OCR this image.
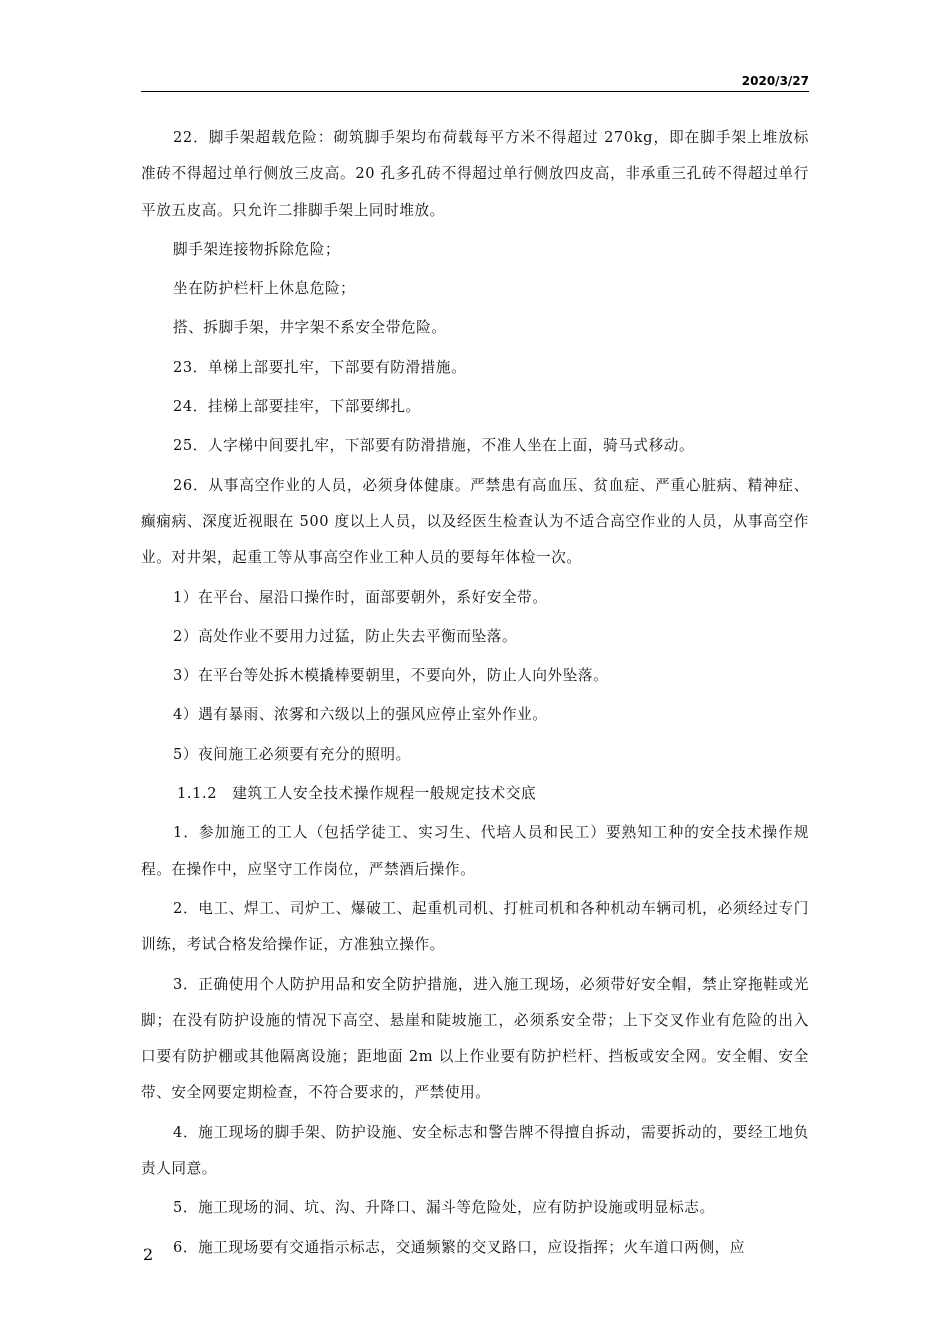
2020/3/27

22．脚手架超载危险：砌筑脚手架均布荷载每平方米不得超过 270kg，即在脚手架上堆放标准砖不得超过单行侧放三皮高。20 孔多孔砖不得超过单行侧放四皮高，非承重三孔砖不得超过单行平放五皮高。只允许二排脚手架上同时堆放。

脚手架连接物拆除危险；

坐在防护栏杆上休息危险；

搭、拆脚手架，井字架不系安全带危险。

23．单梯上部要扎牢，下部要有防滑措施。

24．挂梯上部要挂牢，下部要绑扎。

25．人字梯中间要扎牢，下部要有防滑措施，不准人坐在上面，骑马式移动。

26．从事高空作业的人员，必须身体健康。严禁患有高血压、贫血症、严重心脏病、精神症、癫痫病、深度近视眼在 500 度以上人员，以及经医生检查认为不适合高空作业的人员，从事高空作业。对井架，起重工等从事高空作业工种人员的要每年体检一次。

1）在平台、屋沿口操作时，面部要朝外，系好安全带。

2）高处作业不要用力过猛，防止失去平衡而坠落。

3）在平台等处拆木模撬棒要朝里，不要向外，防止人向外坠落。

4）遇有暴雨、浓雾和六级以上的强风应停止室外作业。

5）夜间施工必须要有充分的照明。

1.1.2　建筑工人安全技术操作规程一般规定技术交底

1．参加施工的工人（包括学徒工、实习生、代培人员和民工）要熟知工种的安全技术操作规程。在操作中，应坚守工作岗位，严禁酒后操作。

2．电工、焊工、司炉工、爆破工、起重机司机、打桩司机和各种机动车辆司机，必须经过专门训练，考试合格发给操作证，方准独立操作。

3．正确使用个人防护用品和安全防护措施，进入施工现场，必须带好安全帽，禁止穿拖鞋或光脚；在没有防护设施的情况下高空、悬崖和陡坡施工，必须系安全带；上下交叉作业有危险的出入口要有防护棚或其他隔离设施；距地面 2m 以上作业要有防护栏杆、挡板或安全网。安全帽、安全带、安全网要定期检查，不符合要求的，严禁使用。

4．施工现场的脚手架、防护设施、安全标志和警告牌不得擅自拆动，需要拆动的，要经工地负责人同意。

5．施工现场的洞、坑、沟、升降口、漏斗等危险处，应有防护设施或明显标志。

6．施工现场要有交通指示标志，交通频繁的交叉路口，应设指挥；火车道口两侧，应

2
